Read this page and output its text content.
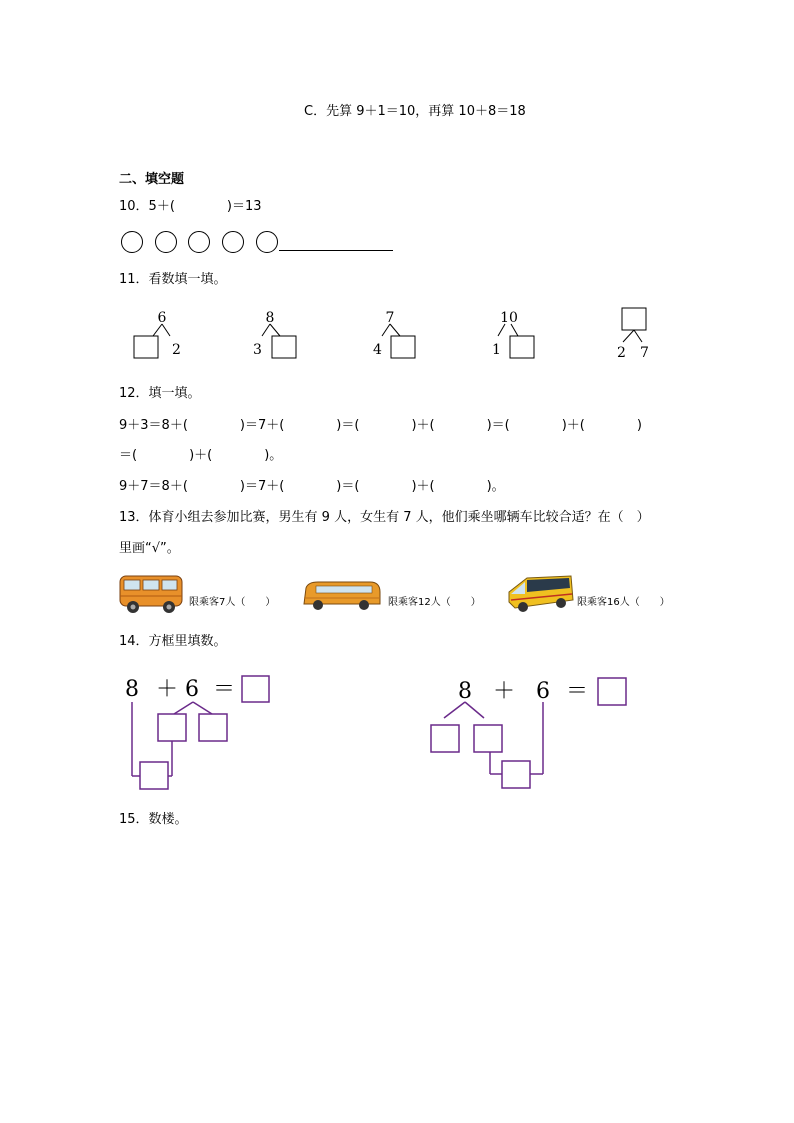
C．先算 9＋1＝10，再算 10＋8＝18
二、填空题
10．5＋(　　　　)＝13
11．看数填一填。
6
2
8
3
7
4
10
1	2 7
12．填一填。
9＋3＝8＋(　　　　)＝7＋(　　　　)＝(　　　　)＋(　　　　)＝(　　　　)＋(　　　　)
＝(　　　　)＋(　　　　)。
9＋7＝8＋(　　　　)＝7＋(　　　　)＝(　　　　)＋(　　　　)。
13．体育小组去参加比赛，男生有 9 人，女生有 7 人，他们乘坐哪辆车比较合适？在（　）
里画“√”。
限乘客7人（　　）	限乘客12人（　　）	限乘客16人（　　）
14．方框里填数。
8 ＋ 6 ＝	8 ＋ 6 ＝
15．数楼。
